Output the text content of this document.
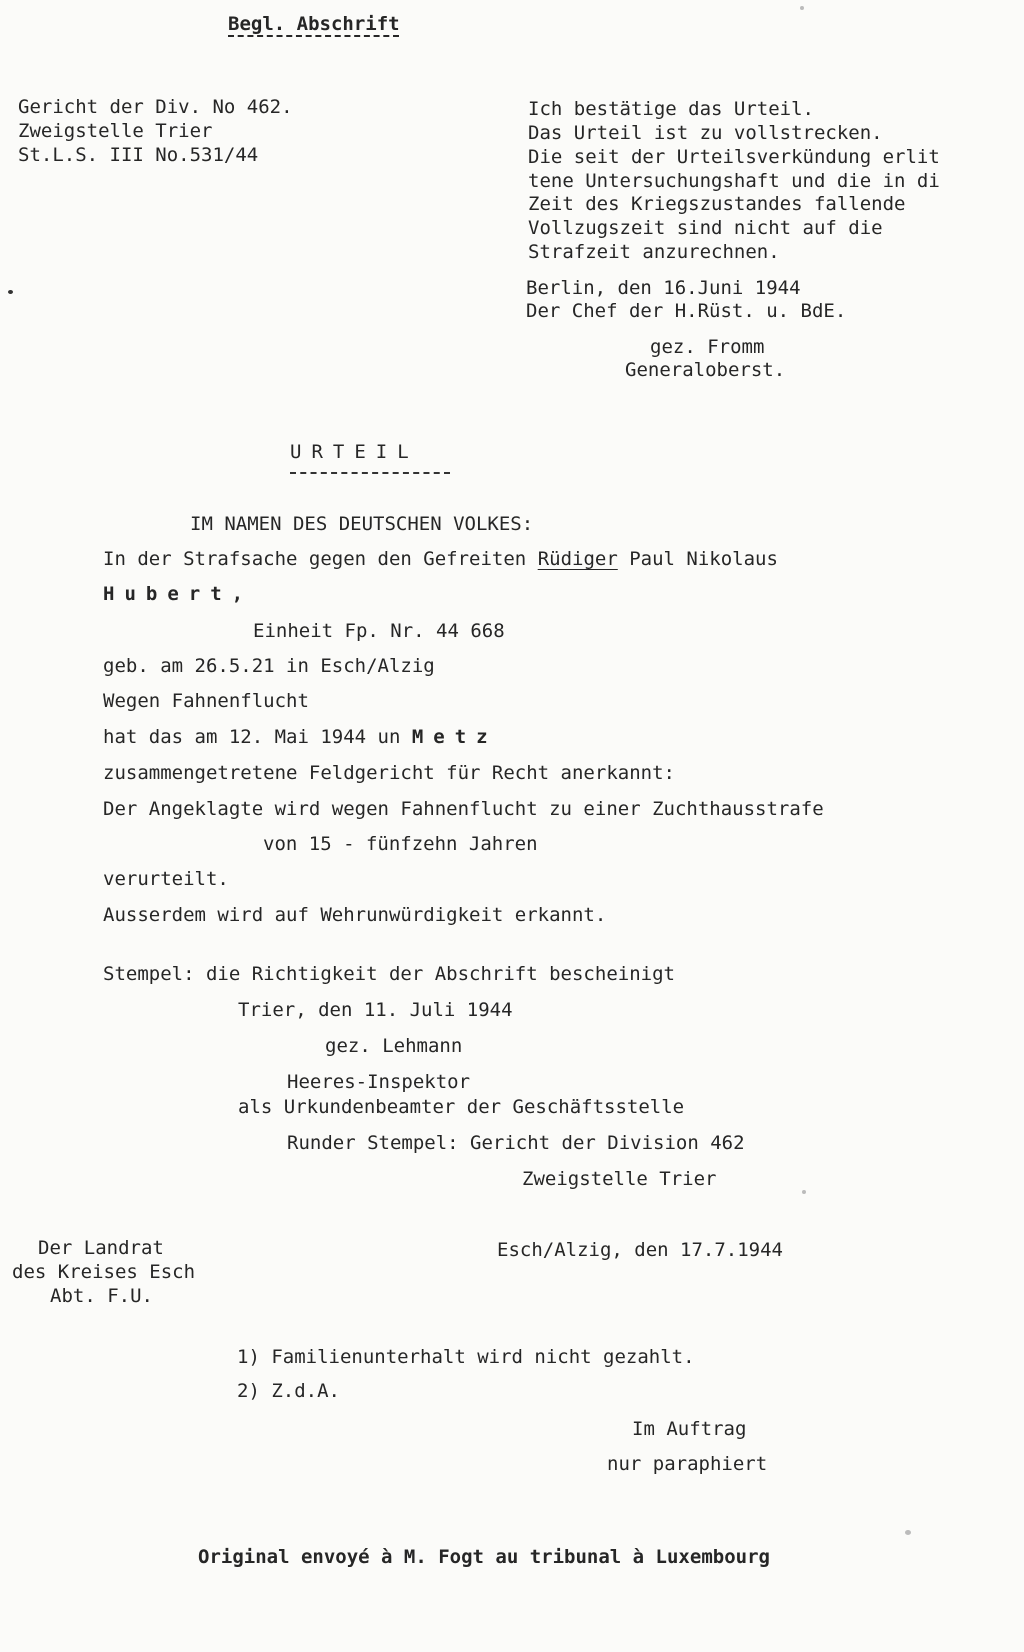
Begl. Abschrift
Gericht der Div. No 462.
Zweigstelle Trier
St.L.S. III No.531/44
Ich bestätige das Urteil.
Das Urteil ist zu vollstrecken.
Die seit der Urteilsverkündung erlit
tene Untersuchungshaft und die in di
Zeit des Kriegszustandes fallende
Vollzugszeit sind nicht auf die
Strafzeit anzurechnen.
Berlin, den 16.Juni 1944
Der Chef der H.Rüst. u. BdE.
gez. Fromm
Generaloberst.
URTEIL
IM NAMEN DES DEUTSCHEN VOLKES:
In der Strafsache gegen den Gefreiten Rüdiger Paul Nikolaus
Hubert,
Einheit Fp. Nr. 44 668
geb. am 26.5.21 in Esch/Alzig
Wegen Fahnenflucht
hat das am 12. Mai 1944 un Metz
zusammengetretene Feldgericht für Recht anerkannt:
Der Angeklagte wird wegen Fahnenflucht zu einer Zuchthausstrafe
von 15 - fünfzehn Jahren
verurteilt.
Ausserdem wird auf Wehrunwürdigkeit erkannt.
Stempel: die Richtigkeit der Abschrift bescheinigt
Trier, den 11. Juli 1944
gez. Lehmann
Heeres-Inspektor
als Urkundenbeamter der Geschäftsstelle
Runder Stempel: Gericht der Division 462
Zweigstelle Trier
Der Landrat
des Kreises Esch
Abt. F.U.
Esch/Alzig, den 17.7.1944
1) Familienunterhalt wird nicht gezahlt.
2) Z.d.A.
Im Auftrag
nur paraphiert
Original envoyé à M. Fogt au tribunal à Luxembourg
